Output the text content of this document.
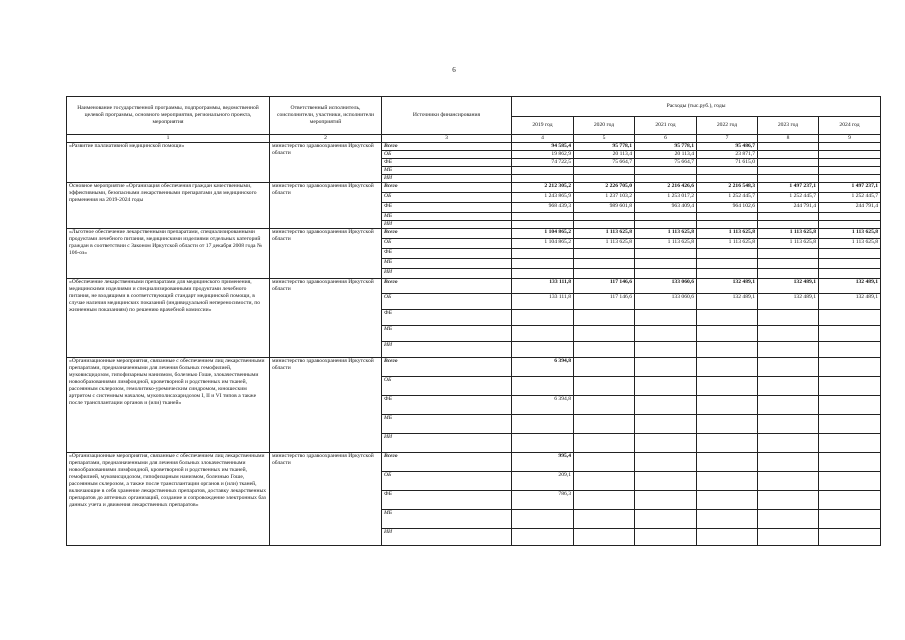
6
Наименование государственной программы, подпрограммы, ведомственной целевой программы, основного мероприятия, регионального проекта, мероприятия	Ответственный исполнитель, соисполнители, участники, исполнители мероприятий	Источники финансирования	Расходы (тыс.руб.), годы					
			2019 год	2020 год	2021 год	2022 год	2023 год	2024 год
1	2	3	4	5	6	7	8	9
«Развитие паллиативной медицинской помощи»	министерство здравоохранения Иркутской области	Всего	94 585,4	95 778,1	95 778,1	95 486,7		
		ОБ	19 862,9	20 113,4	20 113,4	23 871,7		
		ФБ	74 722,5	75 664,7	75 664,7	71 615,0		
		МБ						
		ИИ						
Основное мероприятие «Организация обеспечения граждан качественными, эффективными, безопасными лекарственными препаратами для медицинского применения на 2019-2024 годы	министерство здравоохранения Иркутской области	Всего	2 212 305,2	2 226 705,0	2 216 426,6	2 216 548,3	1 497 237,1	1 497 237,1
		ОБ	1 243 865,9	1 237 103,2	1 253 017,2	1 252 445,7	1 252 445,7	1 252 445,7
		ФБ	968 439,3	989 601,8	963 409,4	964 102,6	244 791,4	244 791,4
		МБ						
		ИИ						
«Льготное обеспечение лекарственными препаратами, специализированными продуктами лечебного питания, медицинскими изделиями отдельных категорий граждан в соответствии с Законом Иркутской области от 17 декабря 2008 года № 106-оз»	министерство здравоохранения Иркутской области	Всего	1 104 865,2	1 113 625,8	1 113 625,8	1 113 625,8	1 113 625,8	1 113 625,8
		ОБ	1 104 865,2	1 113 625,8	1 113 625,8	1 113 625,8	1 113 625,8	1 113 625,8
		ФБ						
		МБ						
		ИИ						
«Обеспечение лекарственными препаратами для медицинского применения, медицинскими изделиями и специализированными продуктами лечебного питания, не входящими в соответствующий стандарт медицинской помощи, в случае наличия медицинских показаний (индивидуальной непереносимости, по жизненным показаниям) по решению врачебной комиссии»	министерство здравоохранения Иркутской области	Всего	133 111,8	117 146,6	133 060,6	132 489,1	132 489,1	132 489,1
		ОБ	133 111,8	117 146,6	133 060,6	132 489,1	132 489,1	132 489,1
		ФБ						
		МБ						
		ИИ						
«Организационные мероприятия, связанные с обеспечением лиц лекарственными препаратами, предназначенными для лечения больных гемофилией, муковисцидозом, гипофизарным нанизмом, болезнью Гоше, злокачественными новообразованиями лимфоидной, кроветворной и родственных им тканей, рассеянным склерозом, гемолитико-уремическим синдромом, юношеским артритом с системным началом, мукополисахаридозом I, II и VI типов а также после трансплантации органов и (или) тканей»	министерство здравоохранения Иркутской области	Всего	6 394,8					
		ОБ						
		ФБ	6 394,8					
		МБ						
		ИИ						
«Организационные мероприятия, связанные с обеспечением лиц лекарственными препаратами, предназначенными для лечения больных злокачественными новообразованиями лимфоидной, кроветворной и родственных им тканей, гемофилией, муковисцидозом, гипофизарным нанизмом, болезнью Гоше, рассеянным склерозом, а также после трансплантации органов и (или) тканей, включающие в себя хранение лекарственных препаратов, доставку лекарственных препаратов до аптечных организаций, создание и сопровождение электронных баз данных учета и движения лекарственных препаратов»	министерство здравоохранения Иркутской области	Всего	995,4					
		ОБ	209,1					
		ФБ	786,3					
		МБ						
		ИИ						
